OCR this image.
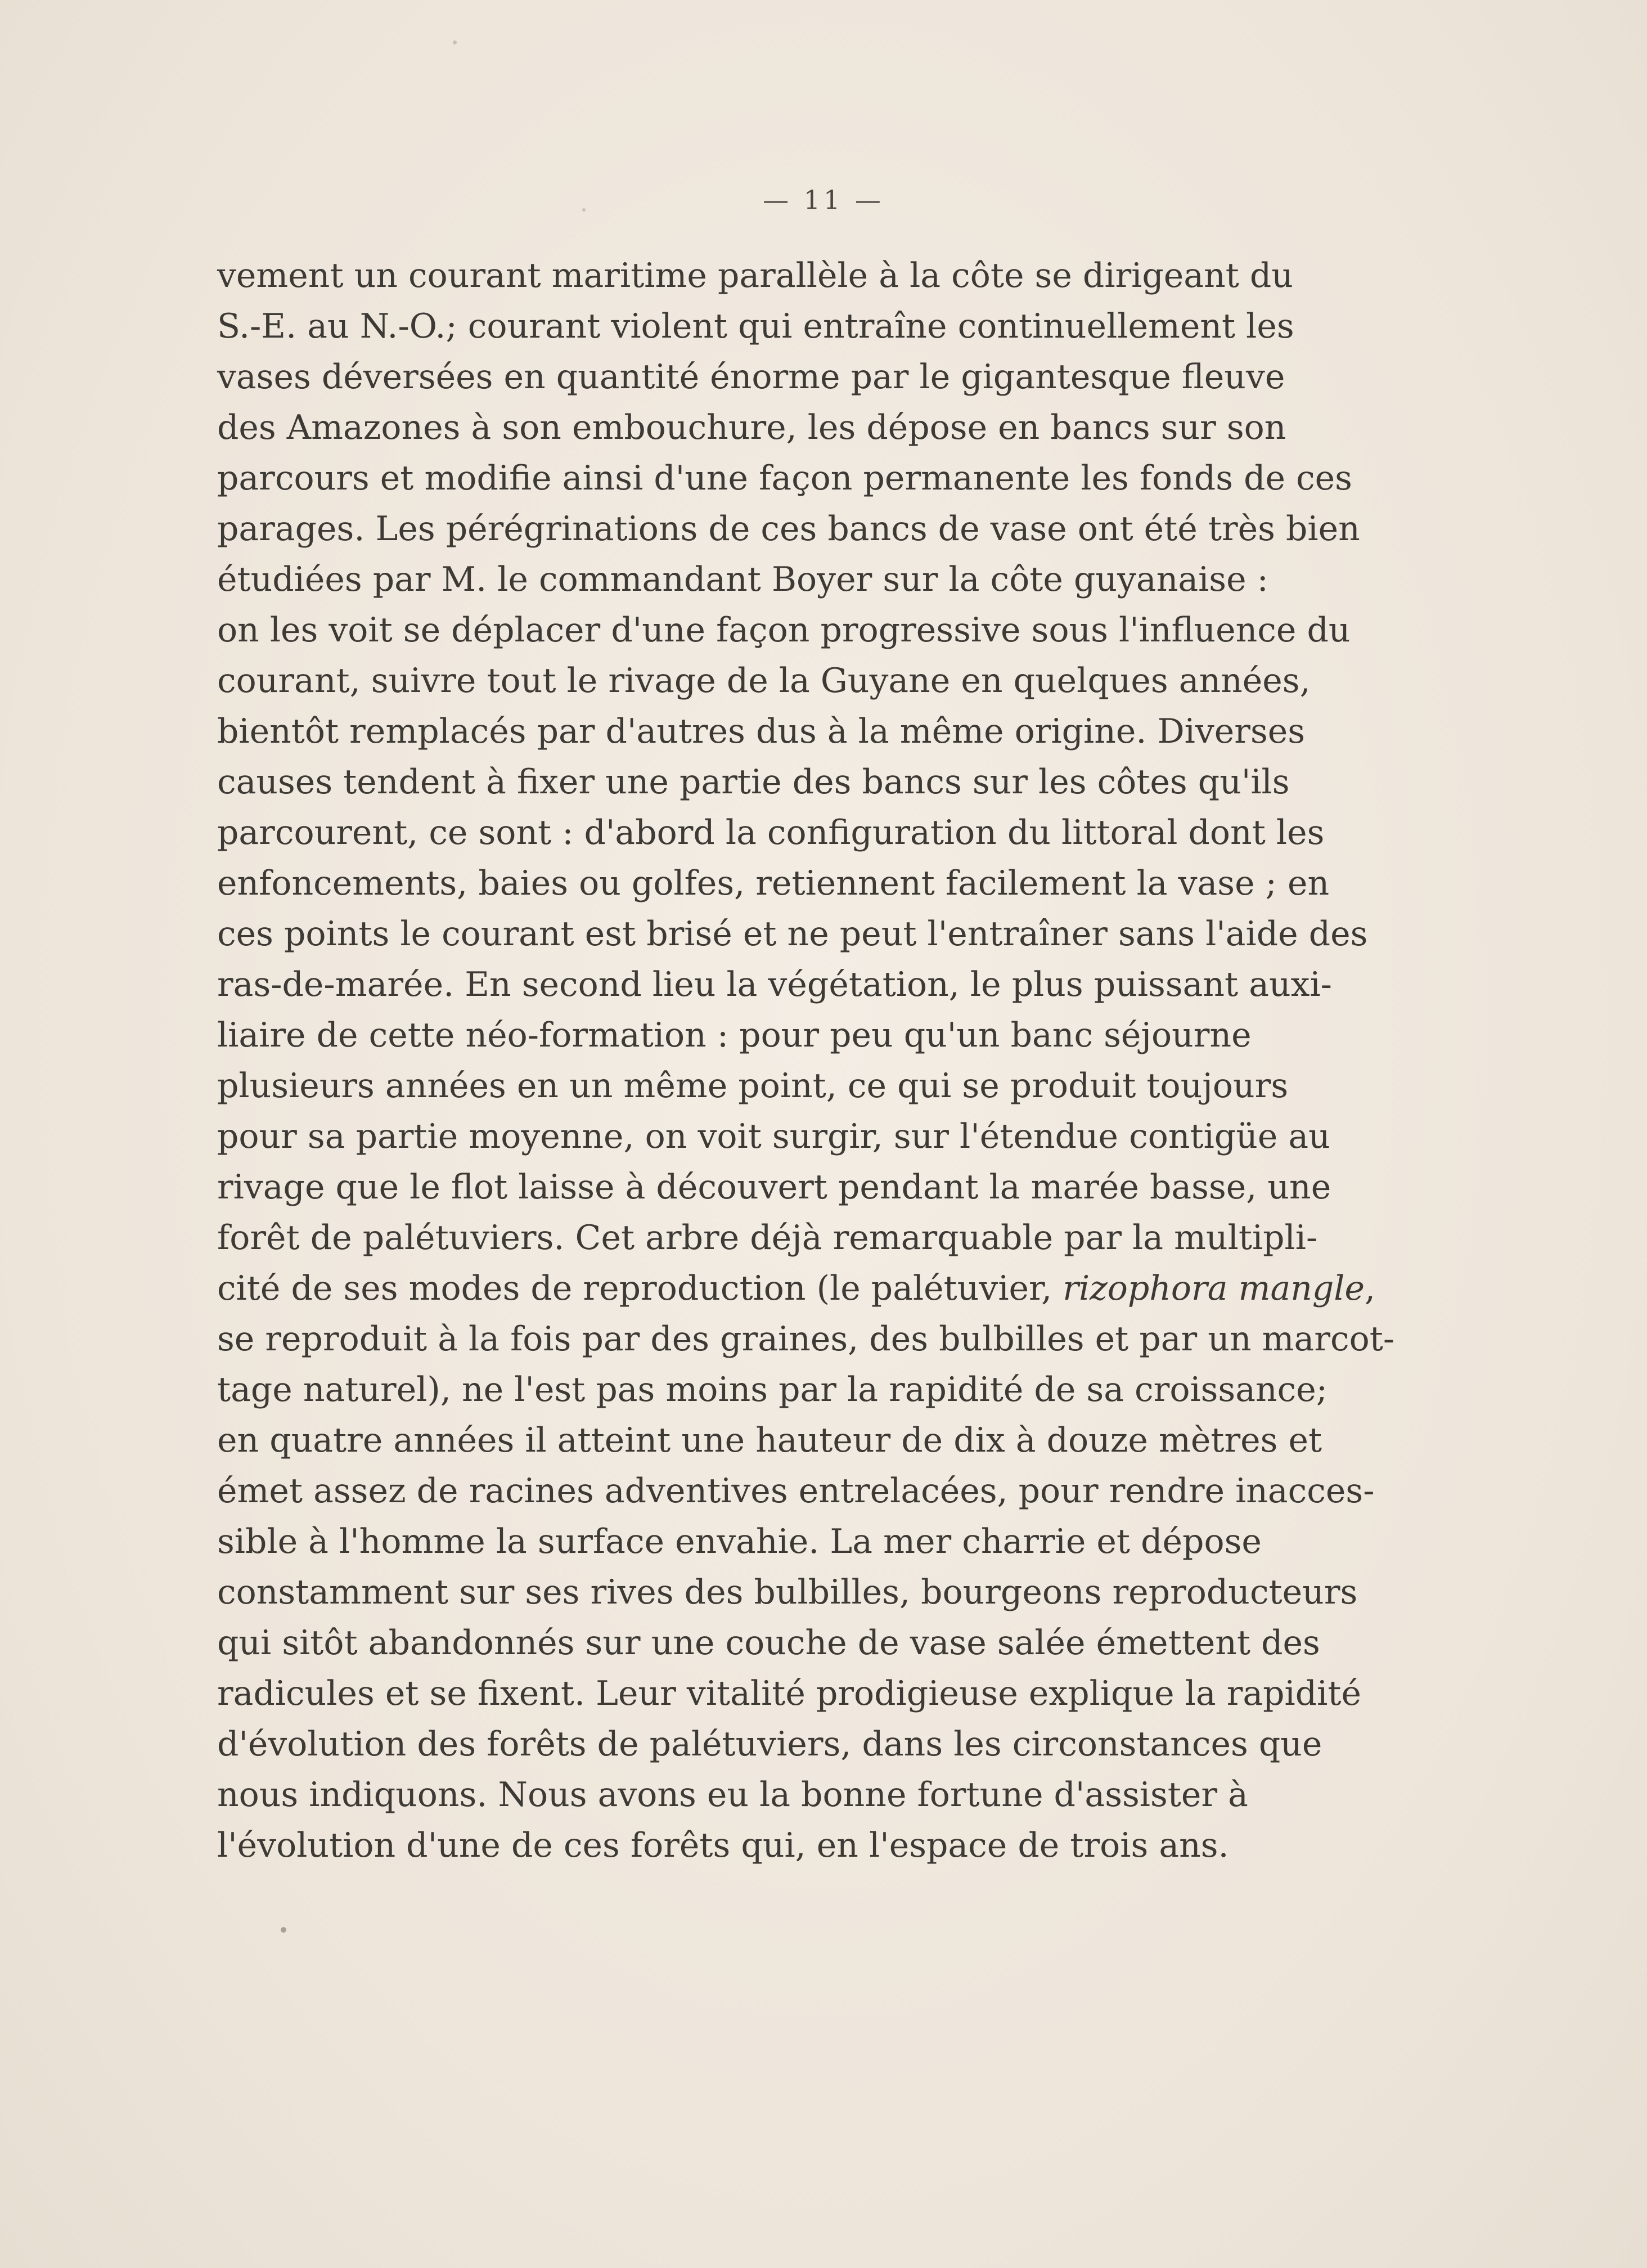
— 11 —
vement un courant maritime parallèle à la côte se dirigeant du
S.-E. au N.-O.; courant violent qui entraîne continuellement les
vases déversées en quantité énorme par le gigantesque fleuve
des Amazones à son embouchure, les dépose en bancs sur son
parcours et modifie ainsi d'une façon permanente les fonds de ces
parages. Les pérégrinations de ces bancs de vase ont été très bien
étudiées par M. le commandant Boyer sur la côte guyanaise :
on les voit se déplacer d'une façon progressive sous l'influence du
courant, suivre tout le rivage de la Guyane en quelques années,
bientôt remplacés par d'autres dus à la même origine. Diverses
causes tendent à fixer une partie des bancs sur les côtes qu'ils
parcourent, ce sont : d'abord la configuration du littoral dont les
enfoncements, baies ou golfes, retiennent facilement la vase ; en
ces points le courant est brisé et ne peut l'entraîner sans l'aide des
ras-de-marée. En second lieu la végétation, le plus puissant auxi-
liaire de cette néo-formation : pour peu qu'un banc séjourne
plusieurs années en un même point, ce qui se produit toujours
pour sa partie moyenne, on voit surgir, sur l'étendue contigüe au
rivage que le flot laisse à découvert pendant la marée basse, une
forêt de palétuviers. Cet arbre déjà remarquable par la multipli-
cité de ses modes de reproduction (le palétuvier, rizophora mangle,
se reproduit à la fois par des graines, des bulbilles et par un marcot-
tage naturel), ne l'est pas moins par la rapidité de sa croissance;
en quatre années il atteint une hauteur de dix à douze mètres et
émet assez de racines adventives entrelacées, pour rendre inacces-
sible à l'homme la surface envahie. La mer charrie et dépose
constamment sur ses rives des bulbilles, bourgeons reproducteurs
qui sitôt abandonnés sur une couche de vase salée émettent des
radicules et se fixent. Leur vitalité prodigieuse explique la rapidité
d'évolution des forêts de palétuviers, dans les circonstances que
nous indiquons. Nous avons eu la bonne fortune d'assister à
l'évolution d'une de ces forêts qui, en l'espace de trois ans.
